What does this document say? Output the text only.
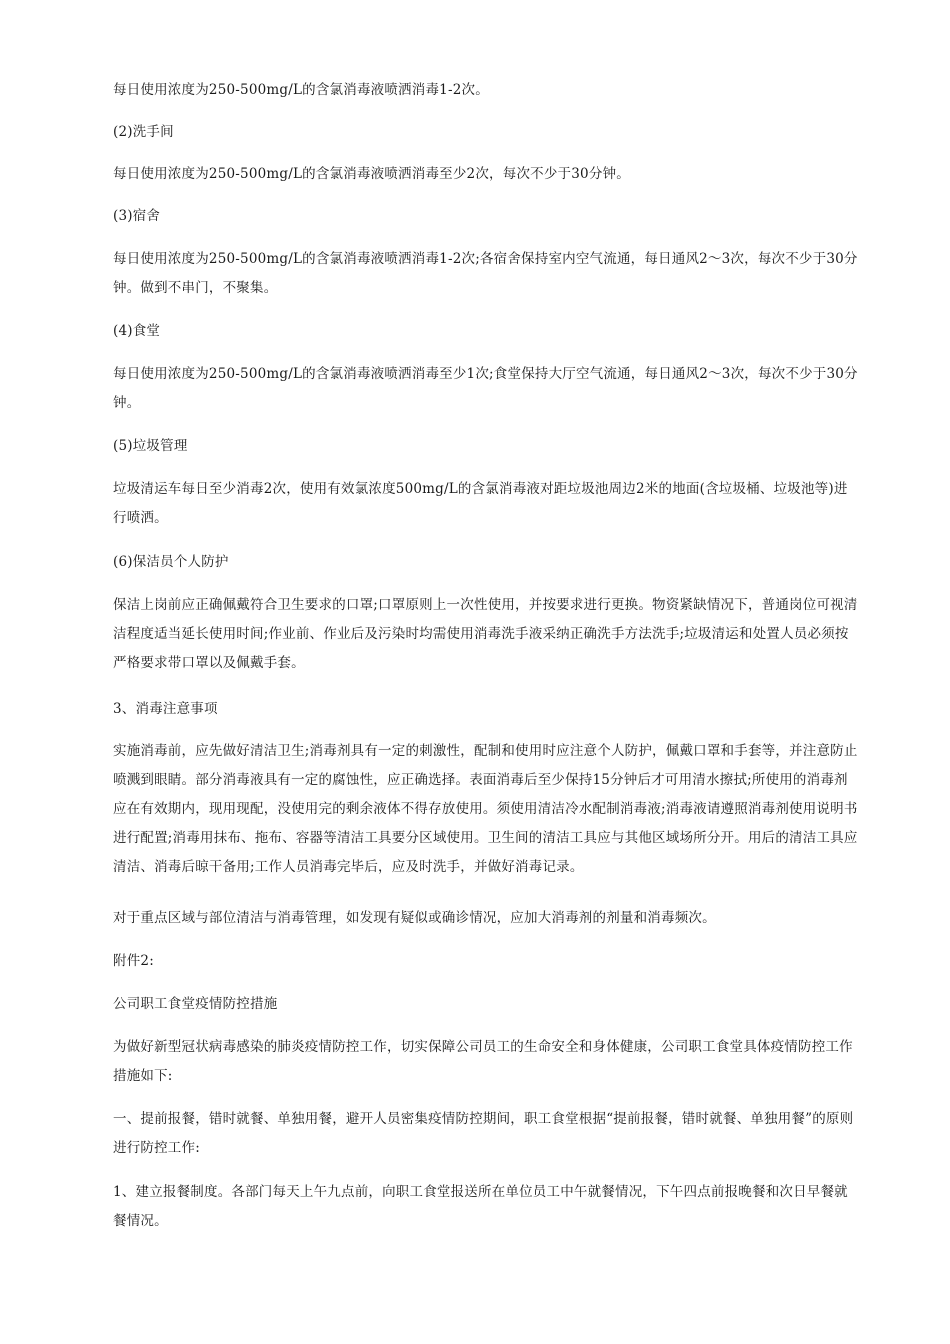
每日使用浓度为250-500mg/L的含氯消毒液喷洒消毒1-2次。

(2)洗手间

每日使用浓度为250-500mg/L的含氯消毒液喷洒消毒至少2次，每次不少于30分钟。

(3)宿舍

每日使用浓度为250-500mg/L的含氯消毒液喷洒消毒1-2次;各宿舍保持室内空气流通，每日通风2～3次，每次不少于30分钟。做到不串门，不聚集。

(4)食堂

每日使用浓度为250-500mg/L的含氯消毒液喷洒消毒至少1次;食堂保持大厅空气流通，每日通风2～3次，每次不少于30分钟。

(5)垃圾管理

垃圾清运车每日至少消毒2次，使用有效氯浓度500mg/L的含氯消毒液对距垃圾池周边2米的地面(含垃圾桶、垃圾池等)进行喷洒。

(6)保洁员个人防护

保洁上岗前应正确佩戴符合卫生要求的口罩;口罩原则上一次性使用，并按要求进行更换。物资紧缺情况下，普通岗位可视清洁程度适当延长使用时间;作业前、作业后及污染时均需使用消毒洗手液采纳正确洗手方法洗手;垃圾清运和处置人员必须按严格要求带口罩以及佩戴手套。

3、消毒注意事项

实施消毒前，应先做好清洁卫生;消毒剂具有一定的刺激性，配制和使用时应注意个人防护，佩戴口罩和手套等，并注意防止喷溅到眼睛。部分消毒液具有一定的腐蚀性，应正确选择。表面消毒后至少保持15分钟后才可用清水擦拭;所使用的消毒剂应在有效期内，现用现配，没使用完的剩余液体不得存放使用。须使用清洁冷水配制消毒液;消毒液请遵照消毒剂使用说明书进行配置;消毒用抹布、拖布、容器等清洁工具要分区域使用。卫生间的清洁工具应与其他区域场所分开。用后的清洁工具应清洁、消毒后晾干备用;工作人员消毒完毕后，应及时洗手，并做好消毒记录。

对于重点区域与部位清洁与消毒管理，如发现有疑似或确诊情况，应加大消毒剂的剂量和消毒频次。

附件2:

公司职工食堂疫情防控措施

为做好新型冠状病毒感染的肺炎疫情防控工作，切实保障公司员工的生命安全和身体健康，公司职工食堂具体疫情防控工作措施如下:

一、提前报餐，错时就餐、单独用餐，避开人员密集疫情防控期间，职工食堂根据“提前报餐，错时就餐、单独用餐”的原则进行防控工作:

1、建立报餐制度。各部门每天上午九点前，向职工食堂报送所在单位员工中午就餐情况，下午四点前报晚餐和次日早餐就餐情况。
